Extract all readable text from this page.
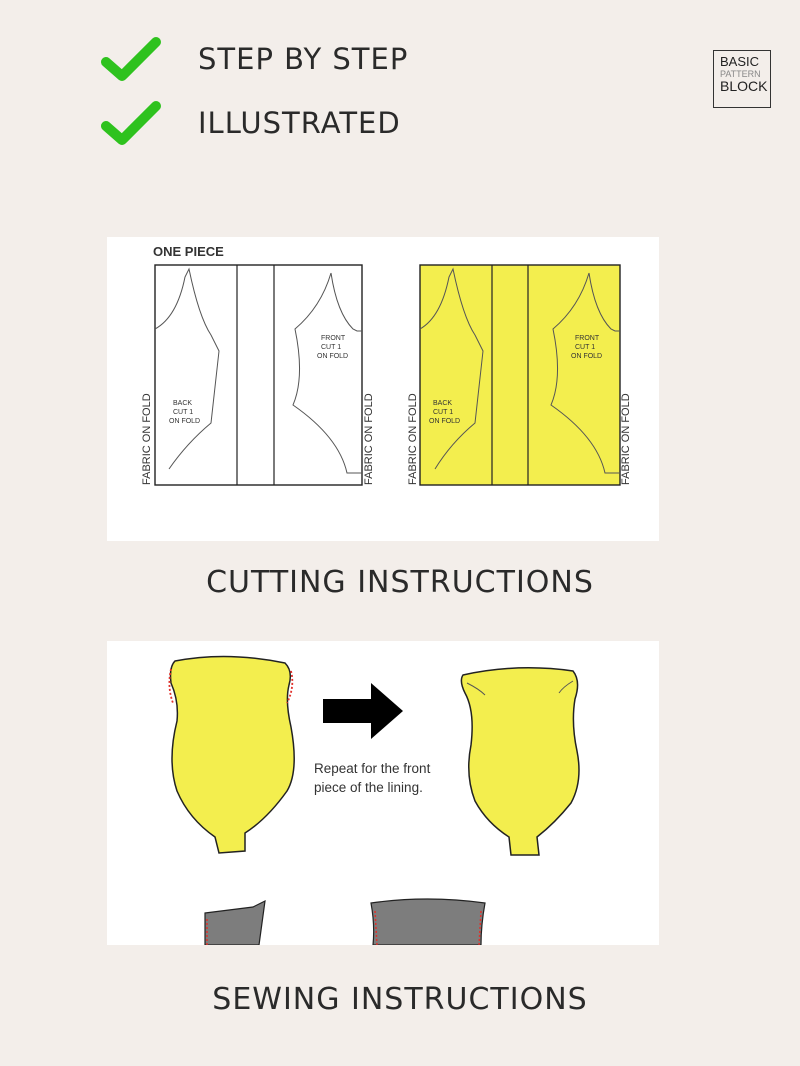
STEP BY STEP
ILLUSTRATED
BASIC
PATTERN
BLOCK
ONE PIECE
BACK CUT 1 ON FOLD
FRONT CUT 1 ON FOLD
FABRIC ON FOLD	FABRIC ON FOLD	BACK CUT 1 ON FOLD
FRONT CUT 1 ON FOLD
FABRIC ON FOLD	FABRIC ON FOLD
CUTTING INSTRUCTIONS
Repeat for the front piece of the lining.
SEWING INSTRUCTIONS
